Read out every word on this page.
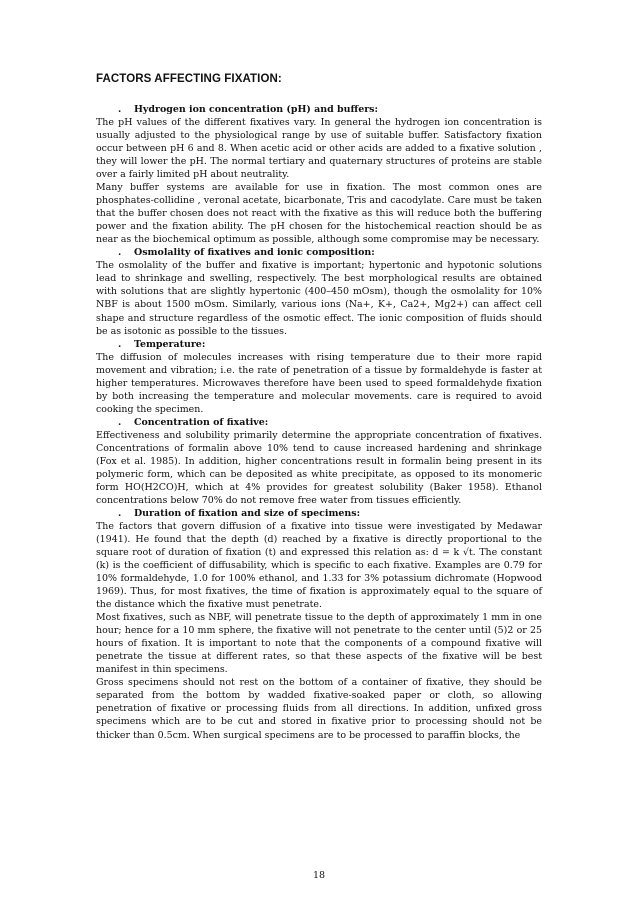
FACTORS AFFECTING FIXATION:
.	Hydrogen ion concentration (pH) and buffers:

The pH values of the different fixatives vary. In general the hydrogen ion concentration is usually adjusted to the physiological range by use of suitable buffer. Satisfactory fixation occur between pH 6 and 8. When acetic acid or other acids are added to a fixative solution , they will lower the pH. The normal tertiary and quaternary structures of proteins are stable over a fairly limited pH about neutrality.

Many buffer systems are available for use in fixation. The most common ones are phosphates-collidine , veronal acetate, bicarbonate, Tris and cacodylate. Care must be taken that the buffer chosen does not react with the fixative as this will reduce both the buffering power and the fixation ability. The pH chosen for the histochemical reaction should be as near as the biochemical optimum as possible, although some compromise may be necessary.

.	Osmolality of fixatives and ionic composition:

The osmolality of the buffer and fixative is important; hypertonic and hypotonic solutions lead to shrinkage and swelling, respectively. The best morphological results are obtained with solutions that are slightly hypertonic (400–450 mOsm), though the osmolality for 10% NBF is about 1500 mOsm. Similarly, various ions (Na+, K+, Ca2+, Mg2+) can affect cell shape and structure regardless of the osmotic effect. The ionic composition of fluids should be as isotonic as possible to the tissues.

.	Temperature:

The diffusion of molecules increases with rising temperature due to their more rapid movement and vibration; i.e. the rate of penetration of a tissue by formaldehyde is faster at higher temperatures. Microwaves therefore have been used to speed formaldehyde fixation by both increasing the temperature and molecular movements. care is required to avoid cooking the specimen.

.	Concentration of fixative:

Effectiveness and solubility primarily determine the appropriate concentration of fixatives. Concentrations of formalin above 10% tend to cause increased hardening and shrinkage (Fox et al. 1985). In addition, higher concentrations result in formalin being present in its polymeric form, which can be deposited as white precipitate, as opposed to its monomeric form HO(H2CO)H, which at 4% provides for greatest solubility (Baker 1958). Ethanol concentrations below 70% do not remove free water from tissues efficiently.

.	Duration of fixation and size of specimens:

The factors that govern diffusion of a fixative into tissue were investigated by Medawar (1941). He found that the depth (d) reached by a fixative is directly proportional to the square root of duration of fixation (t) and expressed this relation as: d = k √t. The constant (k) is the coefficient of diffusability, which is specific to each fixative. Examples are 0.79 for 10% formaldehyde, 1.0 for 100% ethanol, and 1.33 for 3% potassium dichromate (Hopwood 1969). Thus, for most fixatives, the time of fixation is approximately equal to the square of the distance which the fixative must penetrate.

Most fixatives, such as NBF, will penetrate tissue to the depth of approximately 1 mm in one hour; hence for a 10 mm sphere, the fixative will not penetrate to the center until (5)2 or 25 hours of fixation. It is important to note that the components of a compound fixative will penetrate the tissue at different rates, so that these aspects of the fixative will be best manifest in thin specimens.

Gross specimens should not rest on the bottom of a container of fixative, they should be separated from the bottom by wadded fixative-soaked paper or cloth, so allowing penetration of fixative or processing fluids from all directions. In addition, unfixed gross specimens which are to be cut and stored in fixative prior to processing should not be thicker than 0.5cm. When surgical specimens are to be processed to paraffin blocks, the

18
